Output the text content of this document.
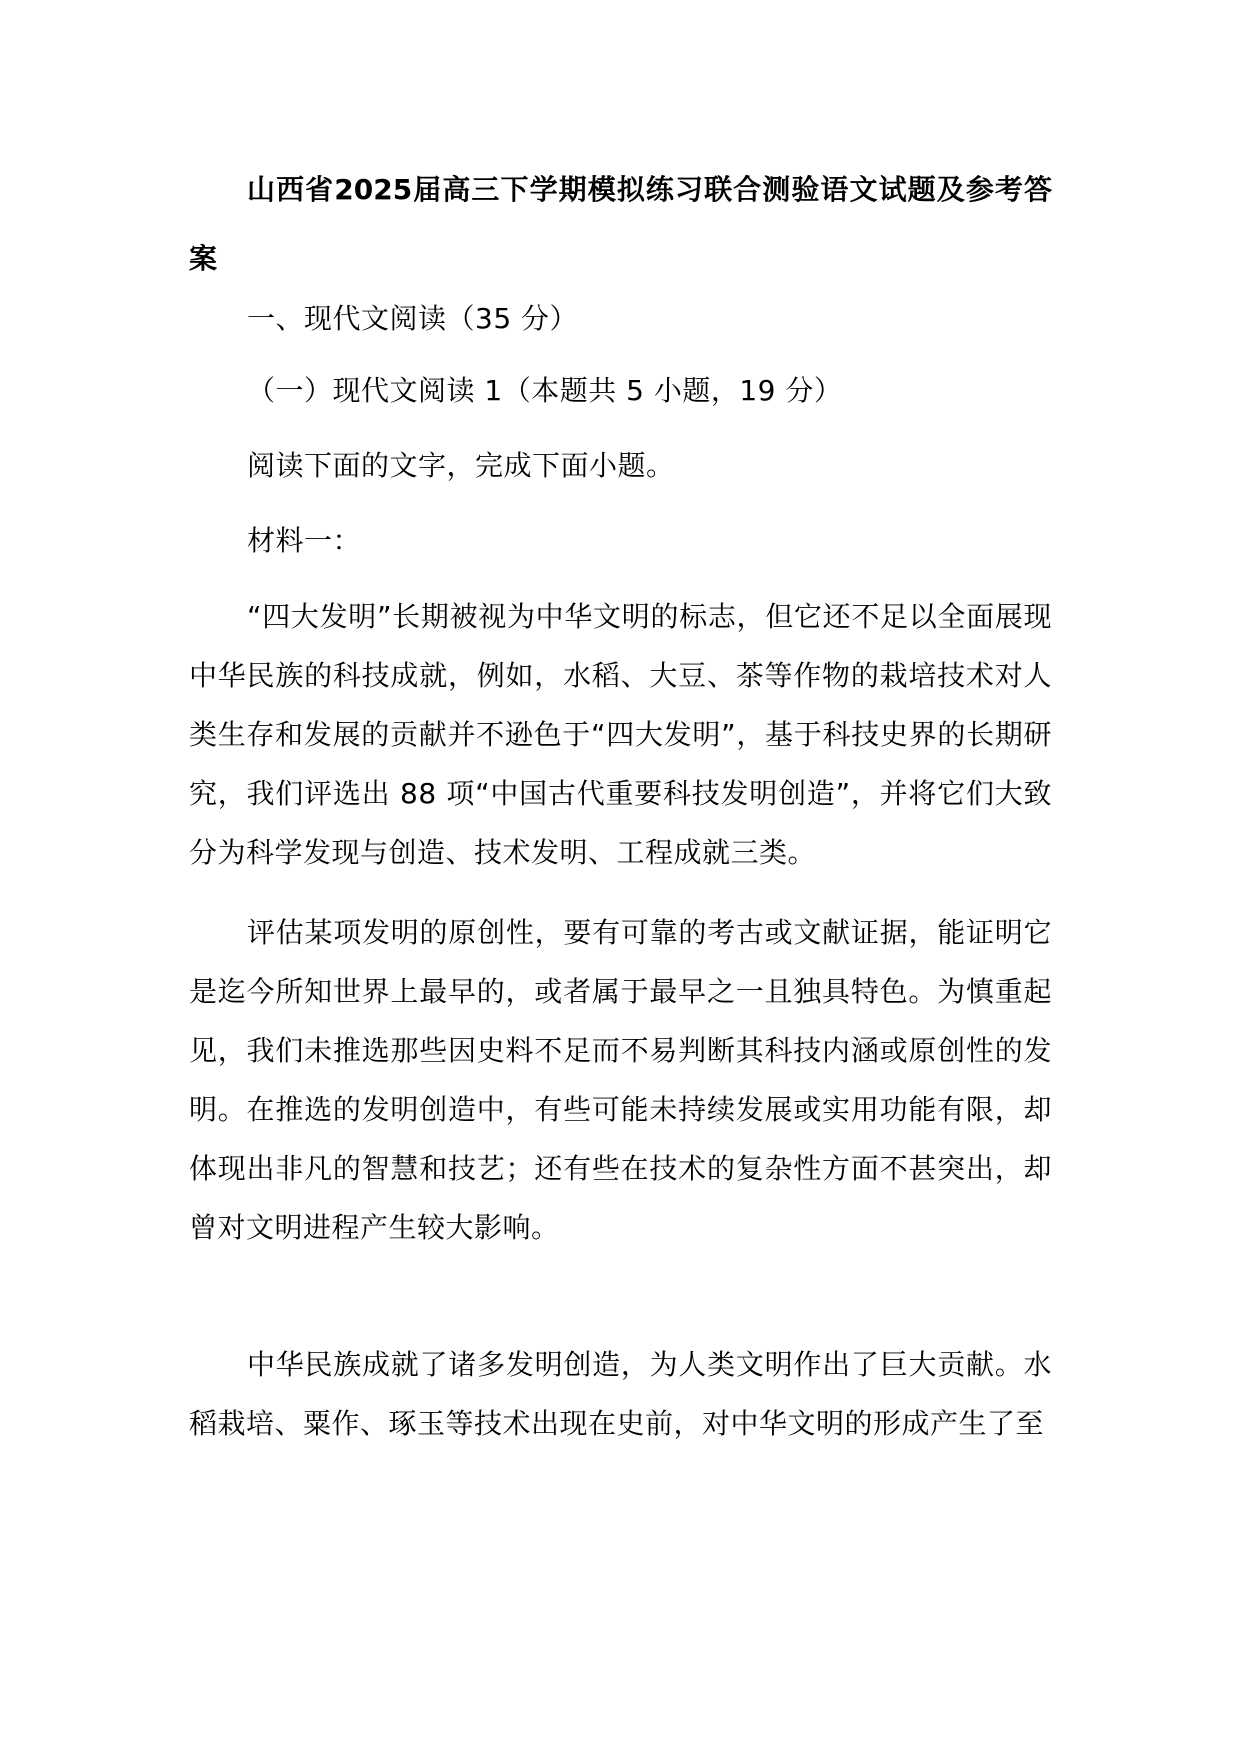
山西省2025届高三下学期模拟练习联合测验语文试题及参考答案

一、现代文阅读（35 分）

（一）现代文阅读 1（本题共 5 小题，19 分）

阅读下面的文字，完成下面小题。

材料一：

“四大发明”长期被视为中华文明的标志，但它还不足以全面展现中华民族的科技成就，例如，水稻、大豆、茶等作物的栽培技术对人类生存和发展的贡献并不逊色于“四大发明”，基于科技史界的长期研究，我们评选出 88 项“中国古代重要科技发明创造”，并将它们大致分为科学发现与创造、技术发明、工程成就三类。

评估某项发明的原创性，要有可靠的考古或文献证据，能证明它是迄今所知世界上最早的，或者属于最早之一且独具特色。为慎重起见，我们未推选那些因史料不足而不易判断其科技内涵或原创性的发明。在推选的发明创造中，有些可能未持续发展或实用功能有限，却体现出非凡的智慧和技艺；还有些在技术的复杂性方面不甚突出，却曾对文明进程产生较大影响。

中华民族成就了诸多发明创造，为人类文明作出了巨大贡献。水稻栽培、粟作、琢玉等技术出现在史前，对中华文明的形成产生了至
